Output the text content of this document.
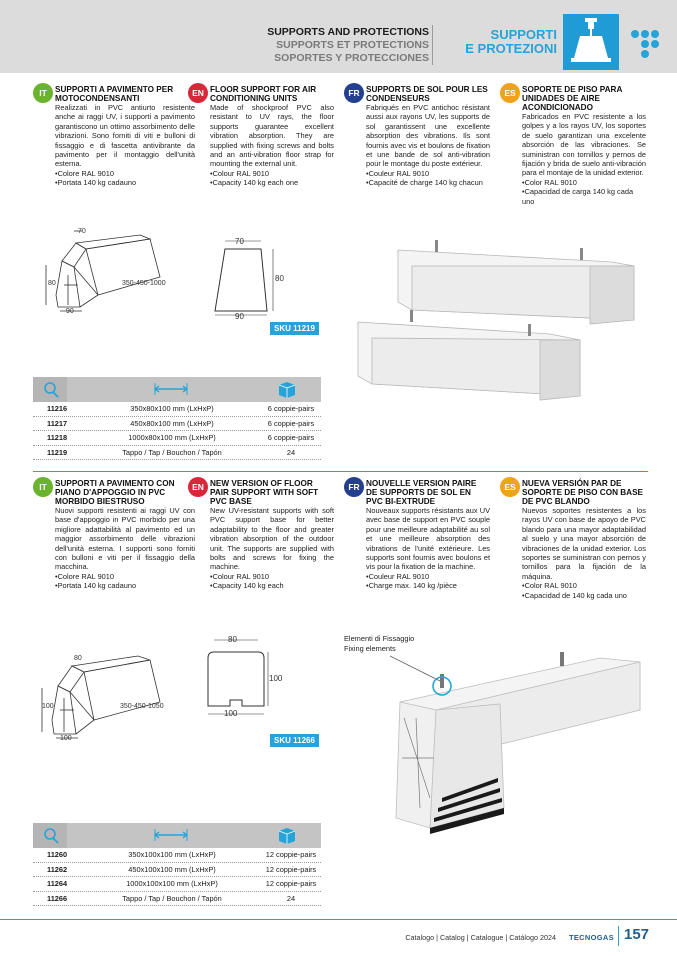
SUPPORTS AND PROTECTIONS
SUPPORTS ET PROTECTIONS
SOPORTES Y PROTECCIONES
SUPPORTI
E PROTEZIONI
IT	SUPPORTI A PAVIMENTO PER MOTOCONDENSANTI

Realizzati in PVC antiurto resistente anche ai raggi UV, i supporti a pavimento garantiscono un ottimo assorbimento delle vibrazioni. Sono forniti di viti e bulloni di fissaggio e di fascetta antivibrante da pavimento per il montaggio dell'unità esterna.

• Colore RAL 9010
• Portata 140 kg cadauno
EN FLOOR SUPPORT FOR AIR CONDITIONING UNITS

Made of shockproof PVC also resistant to UV rays, the floor supports guarantee excellent vibration absorption. They are supplied with fixing screws and bolts and an anti-vibration floor strap for mounting the external unit.

• Colour RAL 9010
• Capacity 140 kg each one
FR SUPPORTS DE SOL POUR LES CONDENSEURS

Fabriqués en PVC antichoc résistant aussi aux rayons UV, les supports de sol garantissent une excellente absorption des vibrations. Ils sont fournis avec vis et boulons de fixation et une bande de sol anti-vibration pour le montage du poste extérieur.

• Couleur RAL 9010
• Capacité de charge 140 kg chacun
ES SOPORTE DE PISO PARA UNIDADES DE AIRE ACONDICIONADO

Fabricados en PVC resistente a los golpes y a los rayos UV, los soportes de suelo garantizan una excelente absorción de las vibraciones. Se suministran con tornillos y pernos de fijación y brida de suelo anti-vibración para el montaje de la unidad exterior.

• Color RAL 9010
• Capacidad de carga 140 kg cada uno
70
80	350-450-1000
90
70
80
90
SKU 11219
11216	350x80x100 mm (LxHxP)	6 coppie-pairs
11217	450x80x100 mm (LxHxP)	6 coppie-pairs
11218	1000x80x100 mm (LxHxP)	6 coppie-pairs
11219	Tappo / Tap / Bouchon / Tapón	24
IT	SUPPORTI A PAVIMENTO CON PIANO D'APPOGGIO IN PVC MORBIDO BIESTRUSO

Nuovi supporti resistenti ai raggi UV con base d'appoggio in PVC morbido per una migliore adattabilità al pavimento ed un maggior assorbimento delle vibrazioni dell'unità esterna. I supporti sono forniti con bulloni e viti per il fissaggio della macchina.

• Colore RAL 9010
• Portata 140 kg cadauno
EN NEW VERSION OF FLOOR PAIR SUPPORT WITH SOFT PVC BASE

New UV-resistant supports with soft PVC support base for better adaptability to the floor and greater vibration absorption of the outdoor unit. The supports are supplied with bolts and screws for fixing the machine.

• Colour RAL 9010
• Capacity 140 kg each
FR NOUVELLE VERSION PAIRE DE SUPPORTS DE SOL EN PVC BI-EXTRUDE

Nouveaux supports résistants aux UV avec base de support en PVC souple pour une meilleure adaptabilité au sol et une meilleure absorption des vibrations de l'unité extérieure. Les supports sont fournis avec boulons et vis pour la fixation de la machine.

• Couleur RAL 9010
• Charge max. 140 kg /pièce
ES NUEVA VERSIÓN PAR DE SOPORTE DE PISO CON BASE DE PVC BLANDO

Nuevos soportes resistentes a los rayos UV con base de apoyo de PVC blando para una mayor adaptabilidad al suelo y una mayor absorción de vibraciones de la unidad exterior. Los soportes se suministran con pernos y tornillos para la fijación de la máquina.

• Color RAL 9010
• Capacidad de 140 kg cada uno
80
100	350-450-1050
100
80
100
100
SKU 11266
Elementi di Fissaggio
Fixing elements
11260	350x100x100 mm (LxHxP)	12 coppie-pairs
11262	450x100x100 mm (LxHxP)	12 coppie-pairs
11264	1000x100x100 mm (LxHxP)	12 coppie-pairs
11266	Tappo / Tap / Bouchon / Tapón	24
Catalogo | Catalog | Catalogue | Catálogo 2024 TECNOGAS 157
